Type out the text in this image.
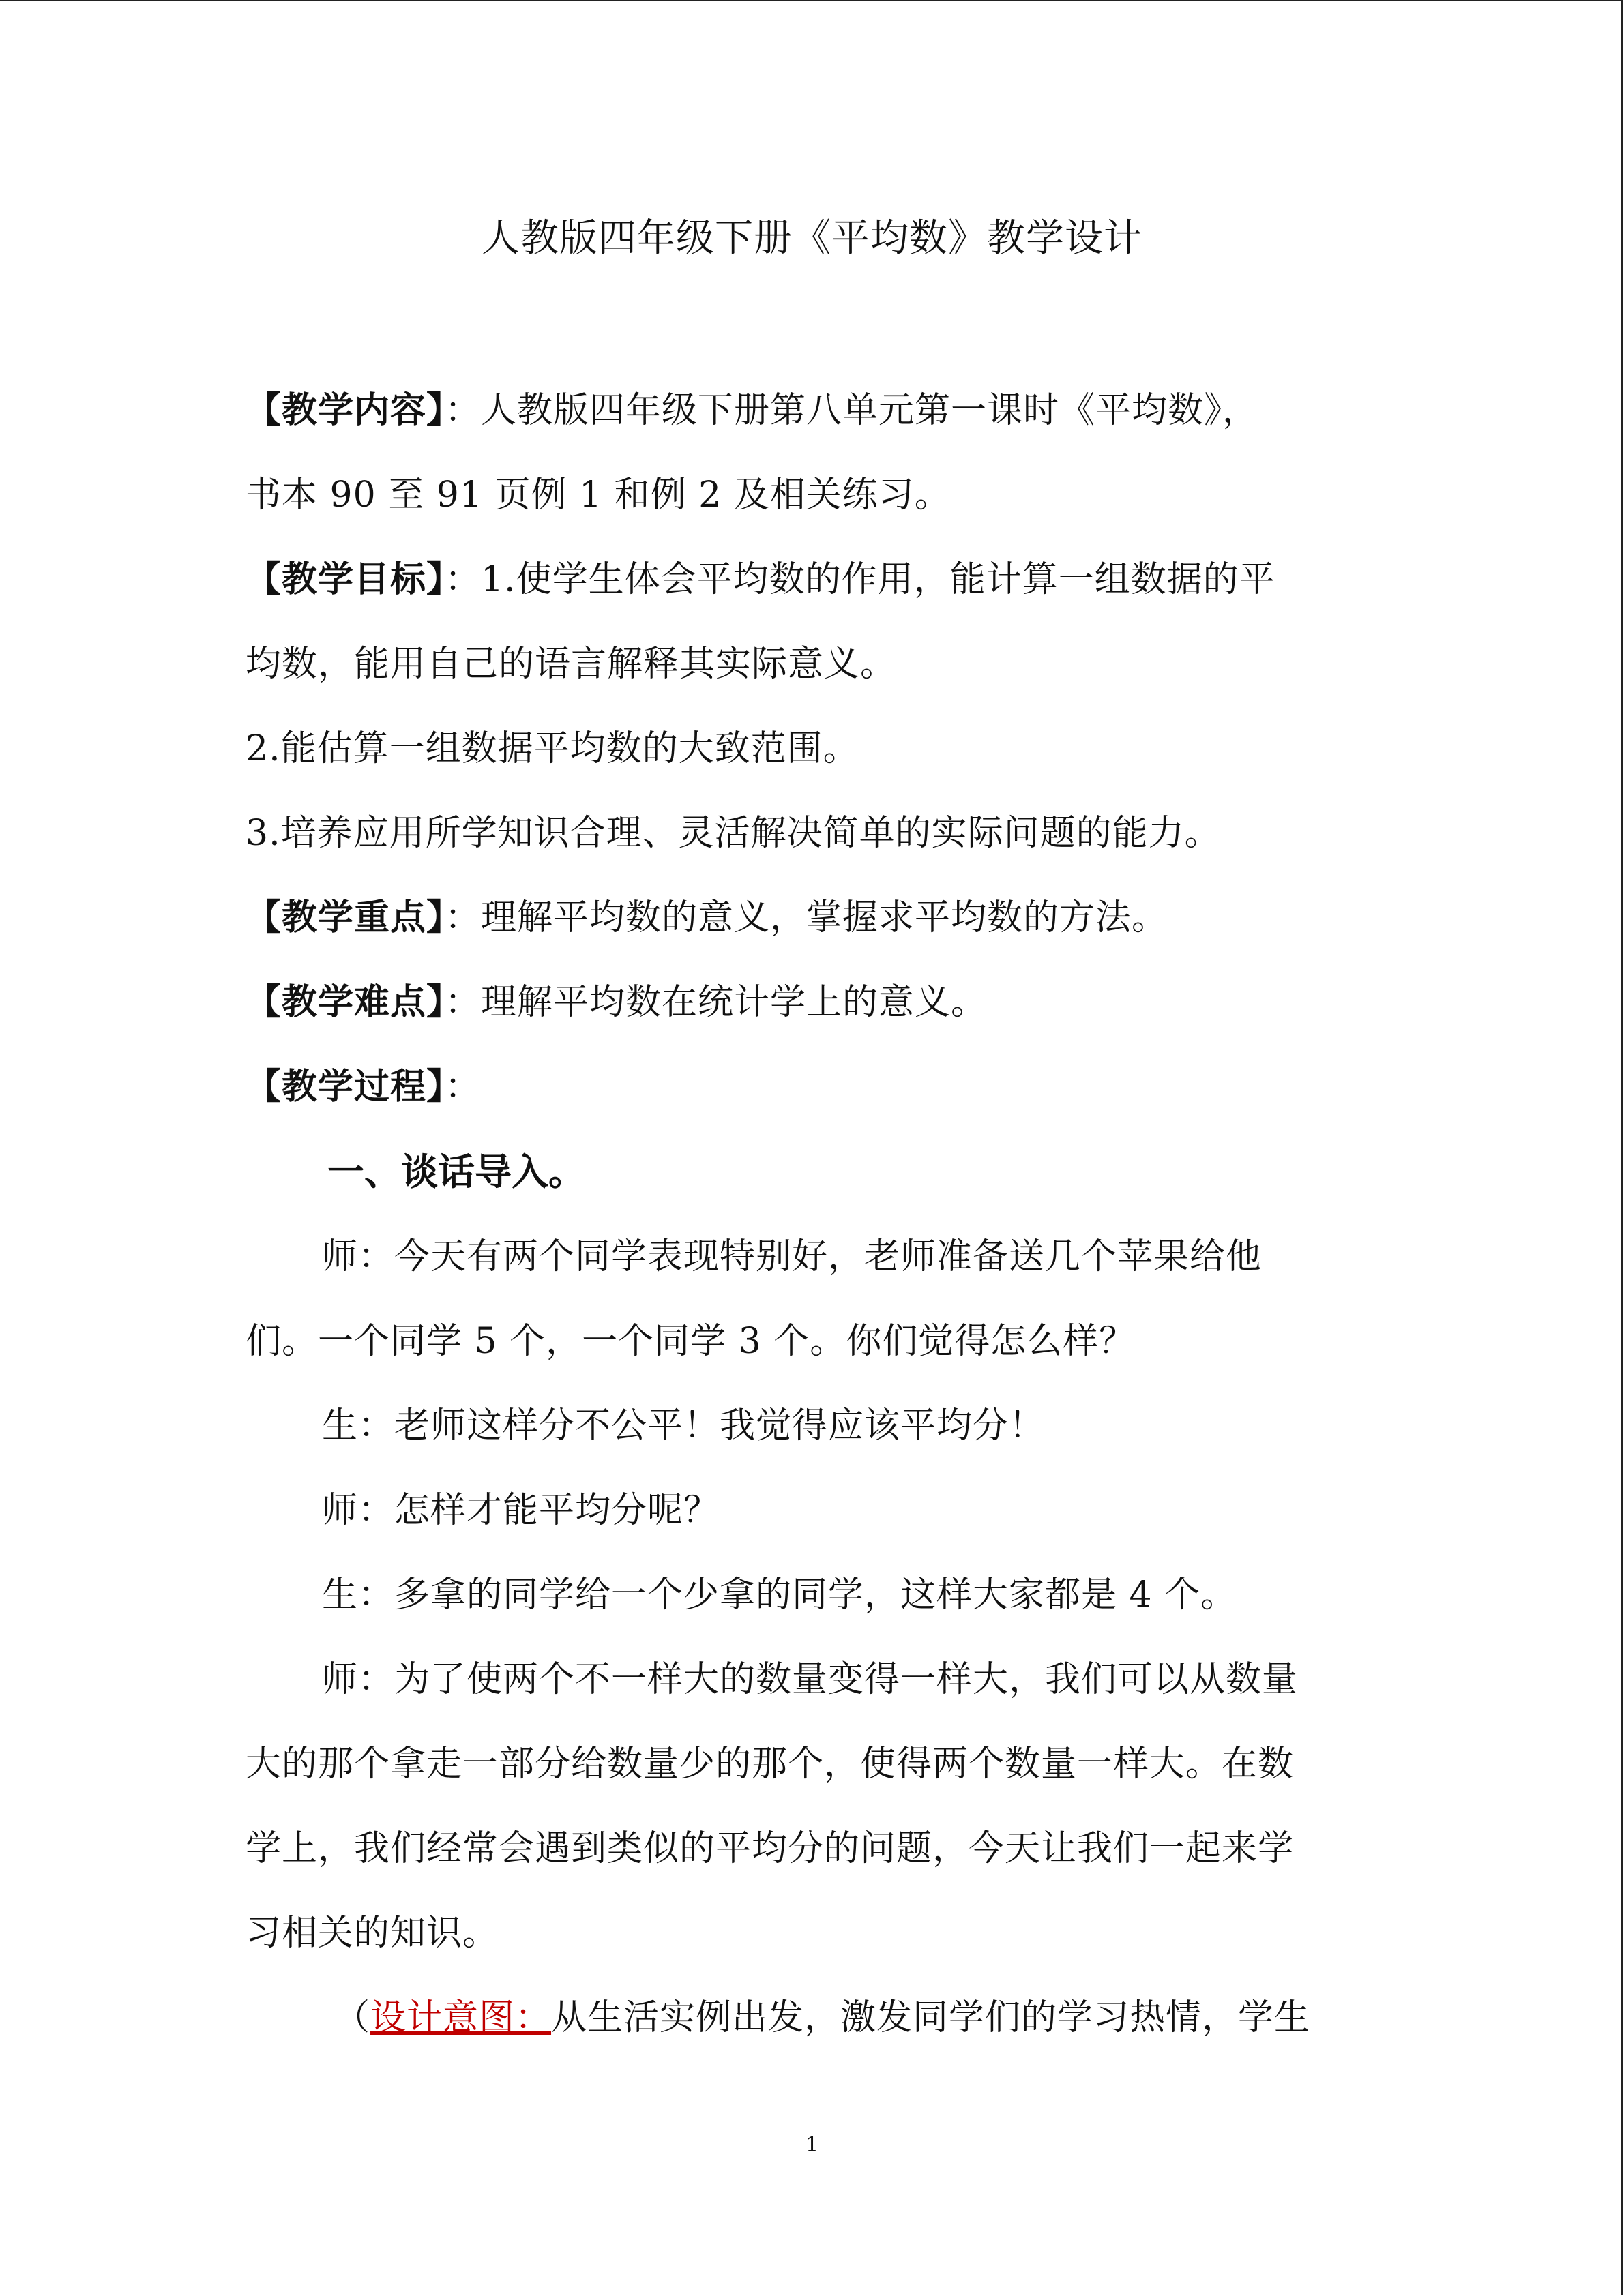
人教版四年级下册《平均数》教学设计
【教学内容】：人教版四年级下册第八单元第一课时《平均数》，
书本 90 至 91 页例 1 和例 2 及相关练习。
【教学目标】：1.使学生体会平均数的作用，能计算一组数据的平
均数，能用自己的语言解释其实际意义。
2.能估算一组数据平均数的大致范围。
3.培养应用所学知识合理、灵活解决简单的实际问题的能力。
【教学重点】：理解平均数的意义，掌握求平均数的方法。
【教学难点】：理解平均数在统计学上的意义。
【教学过程】：
一、谈话导入。
师：今天有两个同学表现特别好，老师准备送几个苹果给他
们。一个同学 5 个，一个同学 3 个。你们觉得怎么样？
生：老师这样分不公平！我觉得应该平均分！
师：怎样才能平均分呢？
生：多拿的同学给一个少拿的同学，这样大家都是 4 个。
师：为了使两个不一样大的数量变得一样大，我们可以从数量
大的那个拿走一部分给数量少的那个，使得两个数量一样大。在数
学上，我们经常会遇到类似的平均分的问题，今天让我们一起来学
习相关的知识。
（设计意图：从生活实例出发，激发同学们的学习热情，学生
1
